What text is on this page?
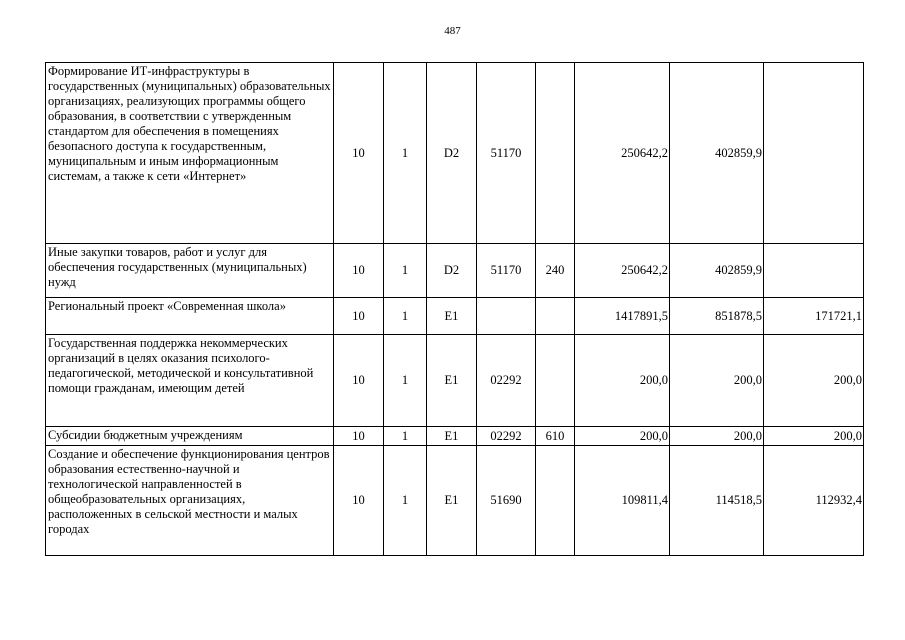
487
Формирование ИТ-инфраструктуры в государственных (муниципальных) образовательных организациях, реализующих программы общего образования, в соответствии с утвержденным стандартом для обеспечения в помещениях безопасного доступа к государственным, муниципальным и иным информационным системам, а также к сети «Интернет»	10	1	D2	51170		250642,2	402859,9	
Иные закупки товаров, работ и услуг для обеспечения государственных (муниципальных) нужд	10	1	D2	51170	240	250642,2	402859,9	
Региональный проект «Современная школа»	10	1	E1			1417891,5	851878,5	171721,1
Государственная поддержка некоммерческих организаций в целях оказания психолого-педагогической, методической и консультативной помощи гражданам, имеющим детей	10	1	E1	02292		200,0	200,0	200,0
Субсидии бюджетным учреждениям	10	1	E1	02292	610	200,0	200,0	200,0
Создание и обеспечение функционирования центров образования естественно-научной и технологической направленностей в общеобразовательных организациях, расположенных в сельской местности и малых городах	10	1	E1	51690		109811,4	114518,5	112932,4
